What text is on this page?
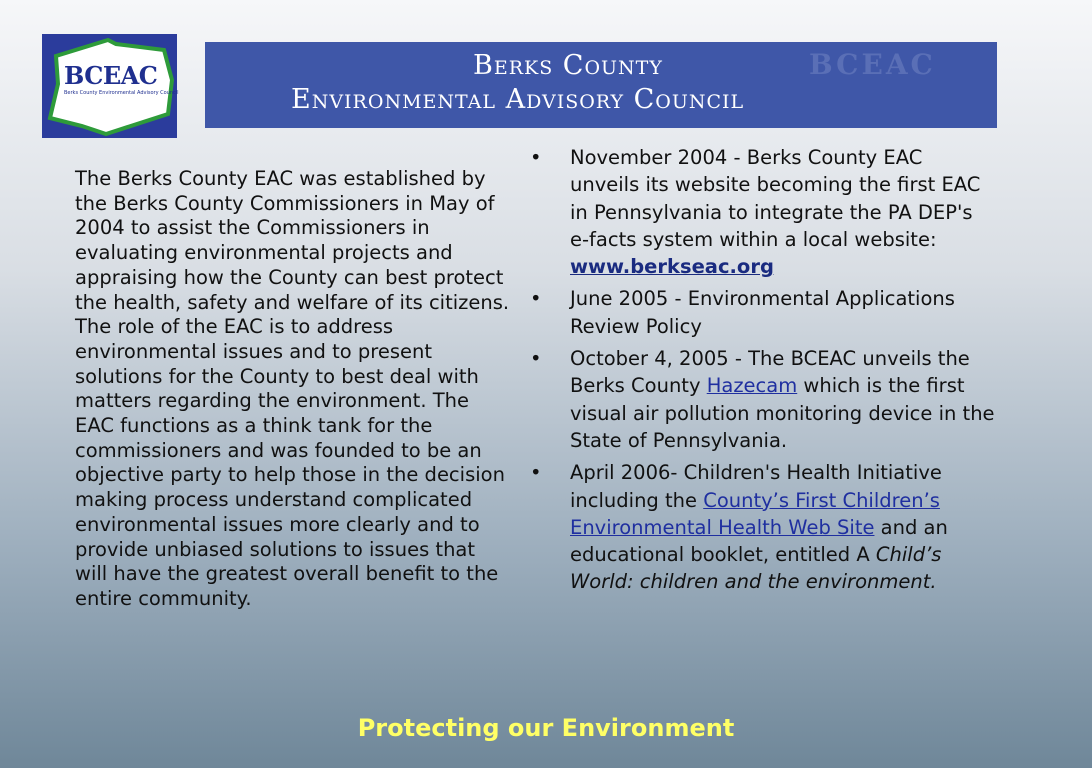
BCEAC
Berks County Environmental Advisory Council
BCEAC
Berks County
Environmental Advisory Council
The Berks County EAC was established by the Berks County Commissioners in May of 2004 to assist the Commissioners in evaluating environmental projects and appraising how the County can best protect the health, safety and welfare of its citizens. The role of the EAC is to address environmental issues and to present solutions for the County to best deal with matters regarding the environment. The EAC functions as a think tank for the commissioners and was founded to be an objective party to help those in the decision making process understand complicated environmental issues more clearly and to provide unbiased solutions to issues that will have the greatest overall benefit to the entire community.
• November 2004 - Berks County EAC unveils its website becoming the first EAC in Pennsylvania to integrate the PA DEP's e-facts system within a local website: www.berkseac.org
• June 2005 - Environmental Applications Review Policy
• October 4, 2005 - The BCEAC unveils the Berks County Hazecam which is the first visual air pollution monitoring device in the State of Pennsylvania.
• April 2006- Children's Health Initiative including the County’s First Children’s Environmental Health Web Site and an educational booklet, entitled A Child’s World: children and the environment.
Protecting our Environment
